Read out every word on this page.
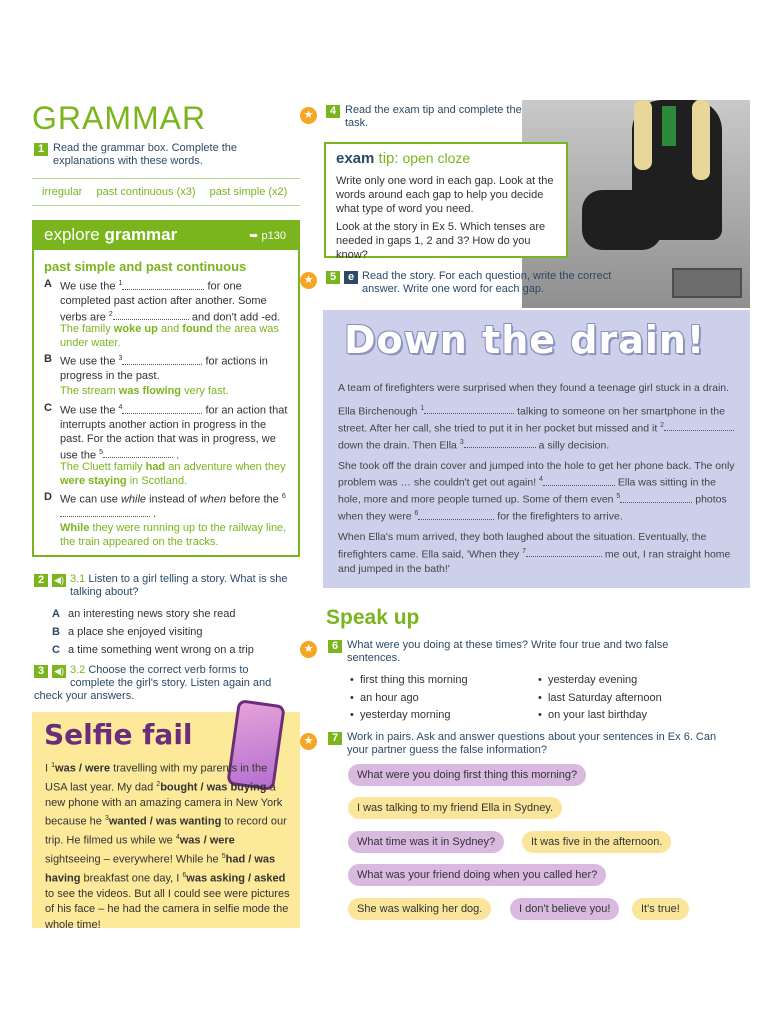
GRAMMAR
1 Read the grammar box. Complete the explanations with these words.
irregular past continuous (x3) past simple (x2)
explore grammar	➥ p130
past simple and past continuous
A We use the $^1$	for one completed past action after another. Some verbs are $^2$	and don't add -ed.
The family woke up and found the area was under water.
B We use the $^3$	for actions in progress in the past.
The stream was flowing very fast.
C We use the $^4$	for an action that interrupts another action in progress in the past. For the action that was in progress, we use the $^5$	.
The Cluett family had an adventure when they were staying in Scotland.
D We can use while instead of when before the $^6$ .
While they were running up to the railway line, the train appeared on the tracks.
2	◀) 3.1 Listen to a girl telling a story. What is she talking about?
A an interesting news story she read
B a place she enjoyed visiting
C a time something went wrong on a trip
3	◀) 3.2 Choose the correct verb forms to complete the girl's story. Listen again and check your answers.
Selfie fail
I $^1$was / were travelling with my parents in the USA last year. My dad $^2$bought / was buying a new phone with an amazing camera in New York because he $^3$wanted / was wanting to record our trip. He filmed us while we $^4$was / were sightseeing – everywhere! While he $^5$had / was having breakfast one day, I $^6$was asking / asked to see the videos. But all I could see were pictures of his face – he had the camera in selfie mode the whole time!
★	4 Read the exam tip and complete the task.
exam tip: open cloze
Write only one word in each gap. Look at the words around each gap to help you decide what type of word you need.
Look at the story in Ex 5. Which tenses are needed in gaps 1, 2 and 3? How do you know?
★	5	e Read the story. For each question, write the correct answer. Write one word for each gap.
Down the drain!

A team of firefighters were surprised when they found a teenage girl stuck in a drain.

Ella Birchenough $^1$	talking to someone on her smartphone in the street. After her call, she tried to put it in her pocket but missed and it $^2$ down the drain. Then Ella $^3$	a silly decision.

She took off the drain cover and jumped into the hole to get her phone back. The only problem was … she couldn't get out again! $^4$	Ella was sitting in the hole, more and more people turned up. Some of them even $^5$	photos when they were $^6$	for the firefighters to arrive.

When Ella's mum arrived, they both laughed about the situation. Eventually, the firefighters came. Ella said, 'When they $^7$	me out, I ran straight home and jumped in the bath!'

Speak up
★	6 What were you doing at these times? Write four true and two false sentences.
•  first thing this morning
•  an hour ago
•  yesterday morning
•  yesterday evening
•  last Saturday afternoon
•  on your last birthday
★	7 Work in pairs. Ask and answer questions about your sentences in Ex 6. Can your partner guess the false information?
What were you doing first thing this morning?
I was talking to my friend Ella in Sydney.
What time was it in Sydney?	It was five in the afternoon.
What was your friend doing when you called her?
She was walking her dog.	I don't believe you!	It's true!
